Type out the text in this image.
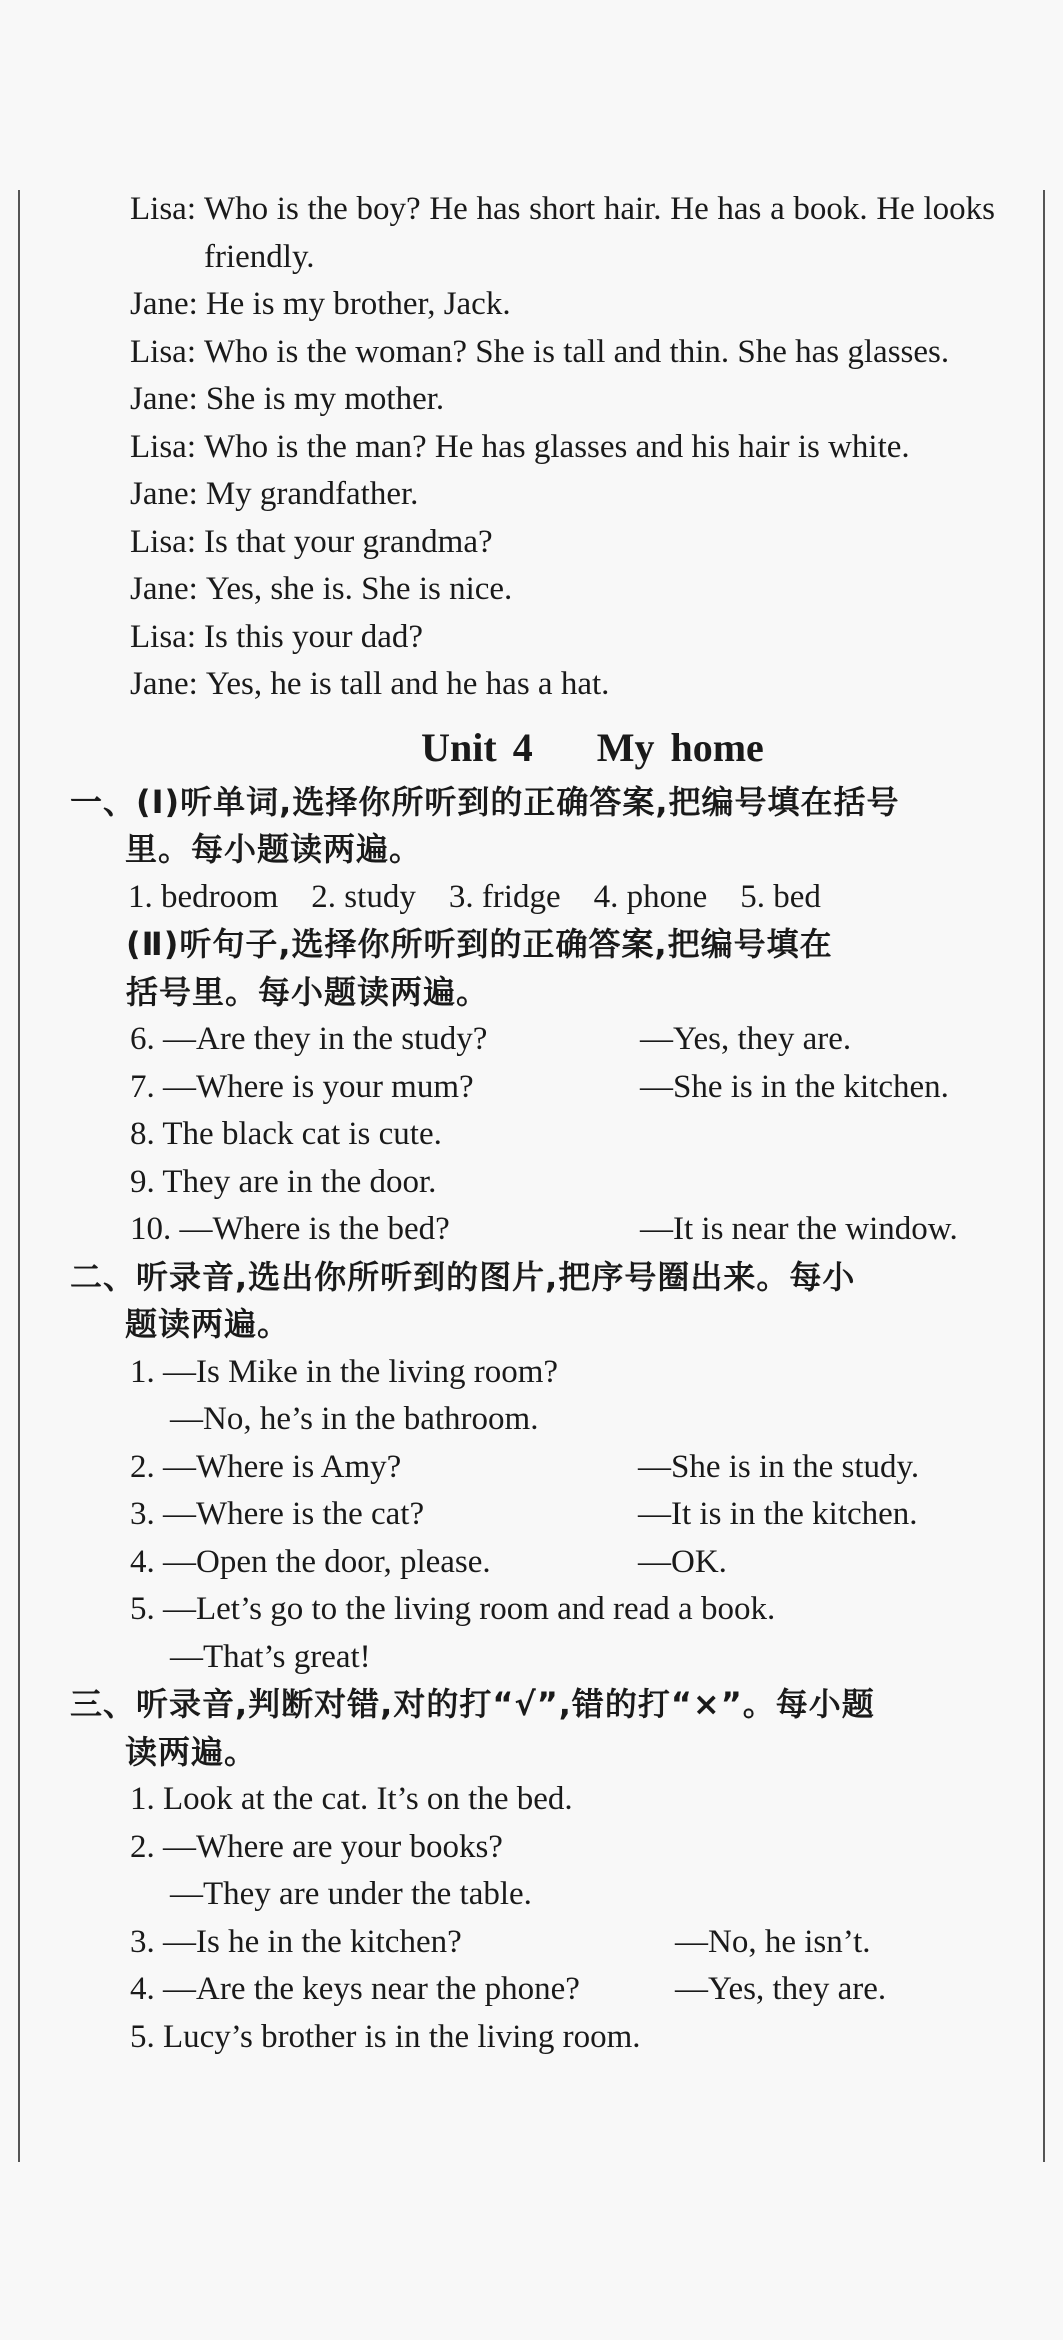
Lisa: Who is the boy? He has short hair. He has a book. He looks friendly.
Jane: He is my brother, Jack.
Lisa: Who is the woman? She is tall and thin. She has glasses.
Jane: She is my mother.
Lisa: Who is the man? He has glasses and his hair is white.
Jane: My grandfather.
Lisa: Is that your grandma?
Jane: Yes, she is. She is nice.
Lisa: Is this your dad?
Jane: Yes, he is tall and he has a hat.
Unit 4    My home
一、(Ⅰ)听单词,选择你所听到的正确答案,把编号填在括号
里。每小题读两遍。
1. bedroom    2. study    3. fridge    4. phone    5. bed
(Ⅱ)听句子,选择你所听到的正确答案,把编号填在
括号里。每小题读两遍。
6. —Are they in the study?	—Yes, they are.
7. —Where is your mum?	—She is in the kitchen.
8. The black cat is cute.
9. They are in the door.
10. —Where is the bed?	—It is near the window.
二、听录音,选出你所听到的图片,把序号圈出来。每小
题读两遍。
1. —Is Mike in the living room?
—No, he’s in the bathroom.
2. —Where is Amy?	—She is in the study.
3. —Where is the cat?	—It is in the kitchen.
4. —Open the door, please.	—OK.
5. —Let’s go to the living room and read a book.
—That’s great!
三、听录音,判断对错,对的打“√”,错的打“×”。每小题
读两遍。
1. Look at the cat. It’s on the bed.
2. —Where are your books?
—They are under the table.
3. —Is he in the kitchen?	—No, he isn’t.
4. —Are the keys near the phone?	—Yes, they are.
5. Lucy’s brother is in the living room.
